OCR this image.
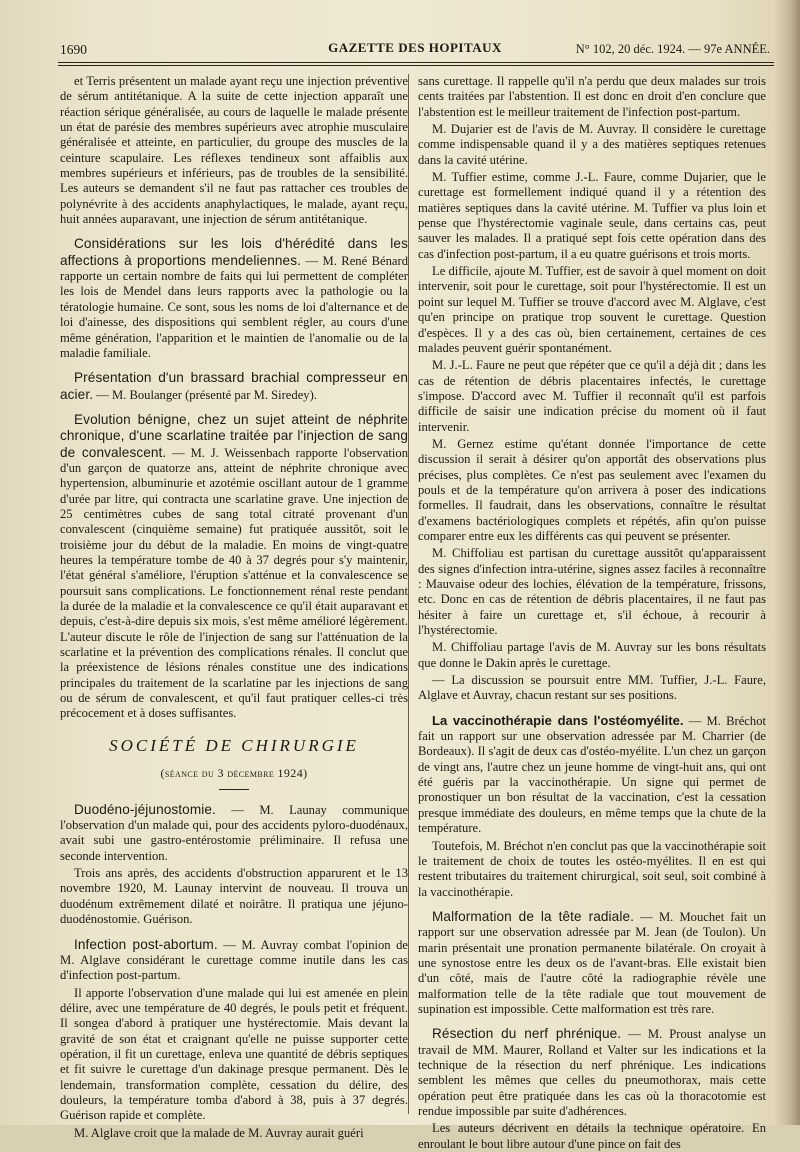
1690	GAZETTE DES HOPITAUX	N° 102, 20 déc. 1924. — 97e ANNÉE.

et Terris présentent un malade ayant reçu une injection préventive de sérum antitétanique. A la suite de cette injection apparaît une réaction sérique généralisée, au cours de laquelle le malade présente un état de parésie des membres supérieurs avec atrophie musculaire généralisée et atteinte, en particulier, du groupe des muscles de la ceinture scapulaire. Les réflexes tendineux sont affaiblis aux membres supérieurs et inférieurs, pas de troubles de la sensibilité. Les auteurs se demandent s'il ne faut pas rattacher ces troubles de polynévrite à des accidents anaphylactiques, le malade, ayant reçu, huit années auparavant, une injection de sérum antitétanique.

Considérations sur les lois d'hérédité dans les affections à proportions mendeliennes. — M. René Bénard rapporte un certain nombre de faits qui lui permettent de compléter les lois de Mendel dans leurs rapports avec la pathologie ou la tératologie humaine. Ce sont, sous les noms de loi d'alternance et de loi d'ainesse, des dispositions qui semblent régler, au cours d'une même génération, l'apparition et le maintien de l'anomalie ou de la maladie familiale.

Présentation d'un brassard brachial compresseur en acier. — M. Boulanger (présenté par M. Siredey).

Evolution bénigne, chez un sujet atteint de néphrite chronique, d'une scarlatine traitée par l'injection de sang de convalescent. — M. J. Weissenbach rapporte l'observation d'un garçon de quatorze ans, atteint de néphrite chronique avec hypertension, albuminurie et azotémie oscillant autour de 1 gramme d'urée par litre, qui contracta une scarlatine grave. Une injection de 25 centimètres cubes de sang total citraté provenant d'un convalescent (cinquième semaine) fut pratiquée aussitôt, soit le troisième jour du début de la maladie. En moins de vingt-quatre heures la température tombe de 40 à 37 degrés pour s'y maintenir, l'état général s'améliore, l'éruption s'atténue et la convalescence se poursuit sans complications. Le fonctionnement rénal reste pendant la durée de la maladie et la convalescence ce qu'il était auparavant et depuis, c'est-à-dire depuis six mois, s'est même amélioré légèrement. L'auteur discute le rôle de l'injection de sang sur l'atténuation de la scarlatine et la prévention des complications rénales. Il conclut que la préexistence de lésions rénales constitue une des indications principales du traitement de la scarlatine par les injections de sang ou de sérum de convalescent, et qu'il faut pratiquer celles-ci très précocement et à doses suffisantes.

SOCIÉTÉ DE CHIRURGIE
(séance du 3 décembre 1924)

Duodéno-jéjunostomie. — M. Launay communique l'observation d'un malade qui, pour des accidents pyloro-duodénaux, avait subi une gastro-entérostomie préliminaire. Il refusa une seconde intervention.

Trois ans après, des accidents d'obstruction apparurent et le 13 novembre 1920, M. Launay intervint de nouveau. Il trouva un duodénum extrêmement dilaté et noirâtre. Il pratiqua une jéjuno-duodénostomie. Guérison.

Infection post-abortum. — M. Auvray combat l'opinion de M. Alglave considérant le curettage comme inutile dans les cas d'infection post-partum.

Il apporte l'observation d'une malade qui lui est amenée en plein délire, avec une température de 40 degrés, le pouls petit et fréquent. Il songea d'abord à pratiquer une hystérectomie. Mais devant la gravité de son état et craignant qu'elle ne puisse supporter cette opération, il fit un curettage, enleva une quantité de débris septiques et fit suivre le curettage d'un dakinage presque permanent. Dès le lendemain, transformation complète, cessation du délire, des douleurs, la température tomba d'abord à 38, puis à 37 degrés. Guérison rapide et complète.

M. Alglave croit que la malade de M. Auvray aurait guéri

sans curettage. Il rappelle qu'il n'a perdu que deux malades sur trois cents traitées par l'abstention. Il est donc en droit d'en conclure que l'abstention est le meilleur traitement de l'infection post-partum.

M. Dujarier est de l'avis de M. Auvray. Il considère le curettage comme indispensable quand il y a des matières septiques retenues dans la cavité utérine.

M. Tuffier estime, comme J.-L. Faure, comme Dujarier, que le curettage est formellement indiqué quand il y a rétention des matières septiques dans la cavité utérine. M. Tuffier va plus loin et pense que l'hystérectomie vaginale seule, dans certains cas, peut sauver les malades. Il a pratiqué sept fois cette opération dans des cas d'infection post-partum, il a eu quatre guérisons et trois morts.

Le difficile, ajoute M. Tuffier, est de savoir à quel moment on doit intervenir, soit pour le curettage, soit pour l'hystérectomie. Il est un point sur lequel M. Tuffier se trouve d'accord avec M. Alglave, c'est qu'en principe on pratique trop souvent le curettage. Question d'espèces. Il y a des cas où, bien certainement, certaines de ces malades peuvent guérir spontanément.

M. J.-L. Faure ne peut que répéter que ce qu'il a déjà dit ; dans les cas de rétention de débris placentaires infectés, le curettage s'impose. D'accord avec M. Tuffier il reconnaît qu'il est parfois difficile de saisir une indication précise du moment où il faut intervenir.

M. Gernez estime qu'étant donnée l'importance de cette discussion il serait à désirer qu'on apportât des observations plus précises, plus complètes. Ce n'est pas seulement avec l'examen du pouls et de la température qu'on arrivera à poser des indications formelles. Il faudrait, dans les observations, connaître le résultat d'examens bactériologiques complets et répétés, afin qu'on puisse comparer entre eux les différents cas qui peuvent se présenter.

M. Chiffoliau est partisan du curettage aussitôt qu'apparaissent des signes d'infection intra-utérine, signes assez faciles à reconnaître : Mauvaise odeur des lochies, élévation de la température, frissons, etc. Donc en cas de rétention de débris placentaires, il ne faut pas hésiter à faire un curettage et, s'il échoue, à recourir à l'hystérectomie.

M. Chiffoliau partage l'avis de M. Auvray sur les bons résultats que donne le Dakin après le curettage.

— La discussion se poursuit entre MM. Tuffier, J.-L. Faure, Alglave et Auvray, chacun restant sur ses positions.

La vaccinothérapie dans l'ostéomyélite. — M. Bréchot fait un rapport sur une observation adressée par M. Charrier (de Bordeaux). Il s'agit de deux cas d'ostéo-myélite. L'un chez un garçon de vingt ans, l'autre chez un jeune homme de vingt-huit ans, qui ont été guéris par la vaccinothérapie. Un signe qui permet de pronostiquer un bon résultat de la vaccination, c'est la cessation presque immédiate des douleurs, en même temps que la chute de la température.

Toutefois, M. Bréchot n'en conclut pas que la vaccinothérapie soit le traitement de choix de toutes les ostéo-myélites. Il en est qui restent tributaires du traitement chirurgical, soit seul, soit combiné à la vaccinothérapie.

Malformation de la tête radiale. — M. Mouchet fait un rapport sur une observation adressée par M. Jean (de Toulon). Un marin présentait une pronation permanente bilatérale. On croyait à une synostose entre les deux os de l'avant-bras. Elle existait bien d'un côté, mais de l'autre côté la radiographie révèle une malformation telle de la tête radiale que tout mouvement de supination est impossible. Cette malformation est très rare.

Résection du nerf phrénique. — M. Proust analyse un travail de MM. Maurer, Rolland et Valter sur les indications et la technique de la résection du nerf phrénique. Les indications semblent les mêmes que celles du pneumothorax, mais cette opération peut être pratiquée dans les cas où la thoracotomie est rendue impossible par suite d'adhérences.

Les auteurs décrivent en détails la technique opératoire. En enroulant le bout libre autour d'une pince on fait des
